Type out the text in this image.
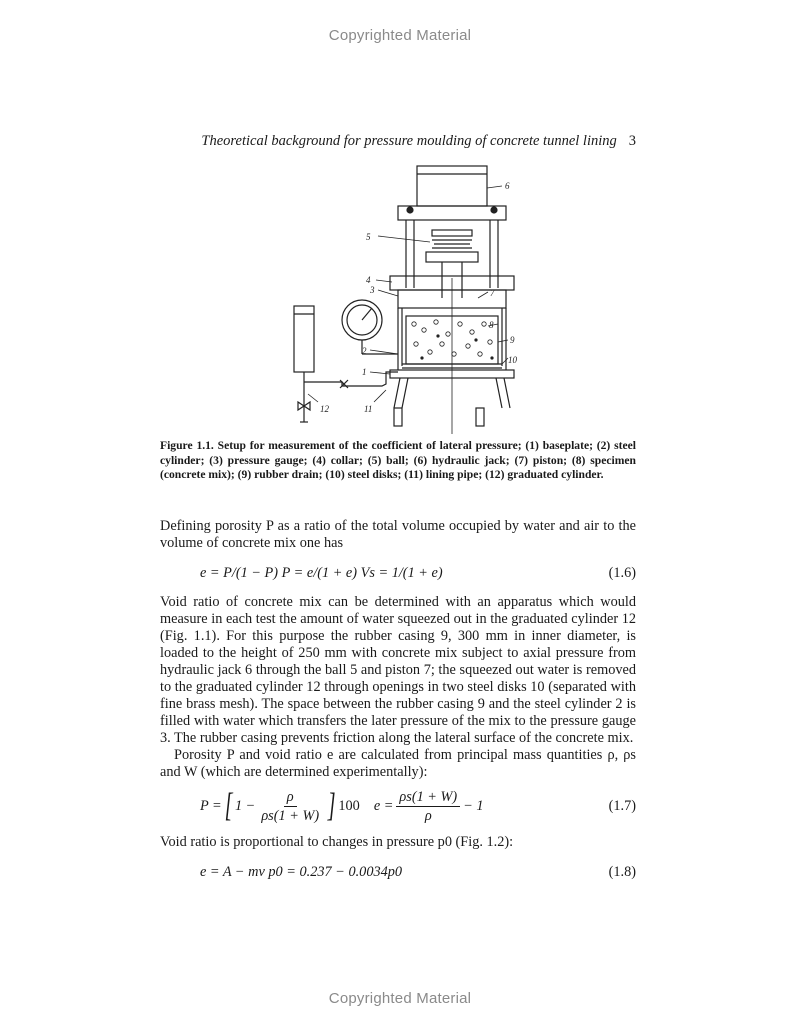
Copyrighted Material
Theoretical background for pressure moulding of concrete tunnel lining 3
6
5
4
3	7
8
9
10
2
1
11
12
Figure 1.1. Setup for measurement of the coefficient of lateral pressure; (1) baseplate; (2) steel cylinder; (3) pressure gauge; (4) collar; (5) ball; (6) hydraulic jack; (7) piston; (8) specimen (concrete mix); (9) rubber drain; (10) steel disks; (11) lining pipe; (12) graduated cylinder.
Defining porosity P as a ratio of the total volume occupied by water and air to the volume of concrete mix one has
e = P/(1 − P) P = e/(1 + e) Vs = 1/(1 + e)	(1.6)
Void ratio of concrete mix can be determined with an apparatus which would measure in each test the amount of water squeezed out in the graduated cylinder 12 (Fig. 1.1). For this purpose the rubber casing 9, 300 mm in inner diameter, is loaded to the height of 250 mm with concrete mix subject to axial pressure from hydraulic jack 6 through the ball 5 and piston 7; the squeezed out water is removed to the graduated cylinder 12 through openings in two steel disks 10 (separated with fine brass mesh). The space between the rubber casing 9 and the steel cylinder 2 is filled with water which transfers the later pressure of the mix to the pressure gauge 3. The rubber casing prevents friction along the lateral surface of the concrete mix.
Porosity P and void ratio e are calculated from principal mass quantities ρ, ρs and W (which are determined experimentally):
P = [ $1 - \frac{\rho}{\rho s(1 + W)}$ ] 100 $e = \frac{\rho s(1 + W)}{\rho} - 1$	(1.7)
Void ratio is proportional to changes in pressure p0 (Fig. 1.2):
e = A − mv p0 = 0.237 − 0.0034p0	(1.8)
Copyrighted Material
